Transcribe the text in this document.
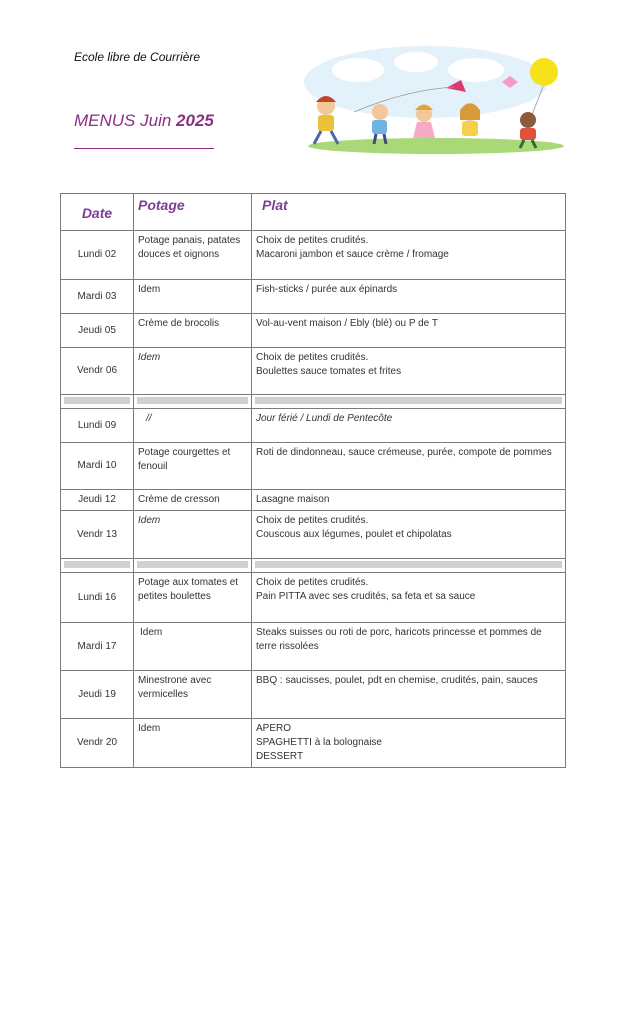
Ecole libre de Courrière
MENUS Juin 2025
Date	Potage	Plat
Lundi 02	Potage panais, patates douces et oignons	Choix de petites crudités.
Macaroni jambon et sauce crème / fromage

Mardi 03	Idem	Fish-sticks / purée aux épinards
Jeudi 05	Crème de brocolis	Vol-au-vent maison / Ebly (blé) ou P de T
Vendr 06	Idem	Choix de petites crudités.
Boulettes sauce tomates et frites

Lundi 09	//	Jour férié / Lundi de Pentecôte
Mardi 10	Potage courgettes et fenouil	Roti de dindonneau, sauce crémeuse, purée, compote de pommes
Jeudi 12	Crème de cresson	Lasagne maison
Vendr 13	Idem	Choix de petites crudités.
Couscous aux légumes, poulet et chipolatas

Lundi 16	Potage aux tomates et petites boulettes	Choix de petites crudités.
Pain PITTA avec ses crudités, sa feta et sa sauce

Mardi 17	Idem	Steaks suisses ou roti de porc, haricots princesse et pommes de terre rissolées
Jeudi 19	Minestrone avec vermicelles	BBQ : saucisses, poulet, pdt en chemise, crudités, pain, sauces
Vendr 20	Idem	APERO
SPAGHETTI à la bolognaise
DESSERT
